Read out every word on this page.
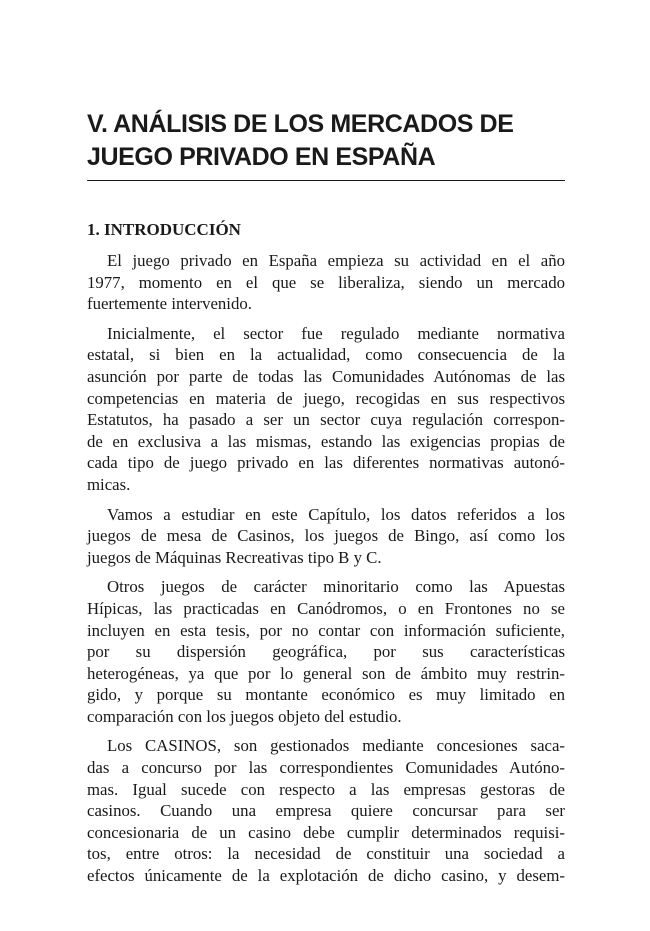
V. ANÁLISIS DE LOS MERCADOS DE
JUEGO PRIVADO EN ESPAÑA
1. INTRODUCCIÓN

El juego privado en España empieza su actividad en el año
1977, momento en el que se liberaliza, siendo un mercado
fuertemente intervenido.

Inicialmente, el sector fue regulado mediante normativa
estatal, si bien en la actualidad, como consecuencia de la
asunción por parte de todas las Comunidades Autónomas de las
competencias en materia de juego, recogidas en sus respectivos
Estatutos, ha pasado a ser un sector cuya regulación correspon-
de en exclusiva a las mismas, estando las exigencias propias de
cada tipo de juego privado en las diferentes normativas autonó-
micas.

Vamos a estudiar en este Capítulo, los datos referidos a los
juegos de mesa de Casinos, los juegos de Bingo, así como los
juegos de Máquinas Recreativas tipo B y C.

Otros juegos de carácter minoritario como las Apuestas
Hípicas, las practicadas en Canódromos, o en Frontones no se
incluyen en esta tesis, por no contar con información suficiente,
por su dispersión geográfica, por sus características
heterogéneas, ya que por lo general son de ámbito muy restrin-
gido, y porque su montante económico es muy limitado en
comparación con los juegos objeto del estudio.

Los CASINOS, son gestionados mediante concesiones saca-
das a concurso por las correspondientes Comunidades Autóno-
mas. Igual sucede con respecto a las empresas gestoras de
casinos. Cuando una empresa quiere concursar para ser
concesionaria de un casino debe cumplir determinados requisi-
tos, entre otros: la necesidad de constituir una sociedad a
efectos únicamente de la explotación de dicho casino, y desem-
